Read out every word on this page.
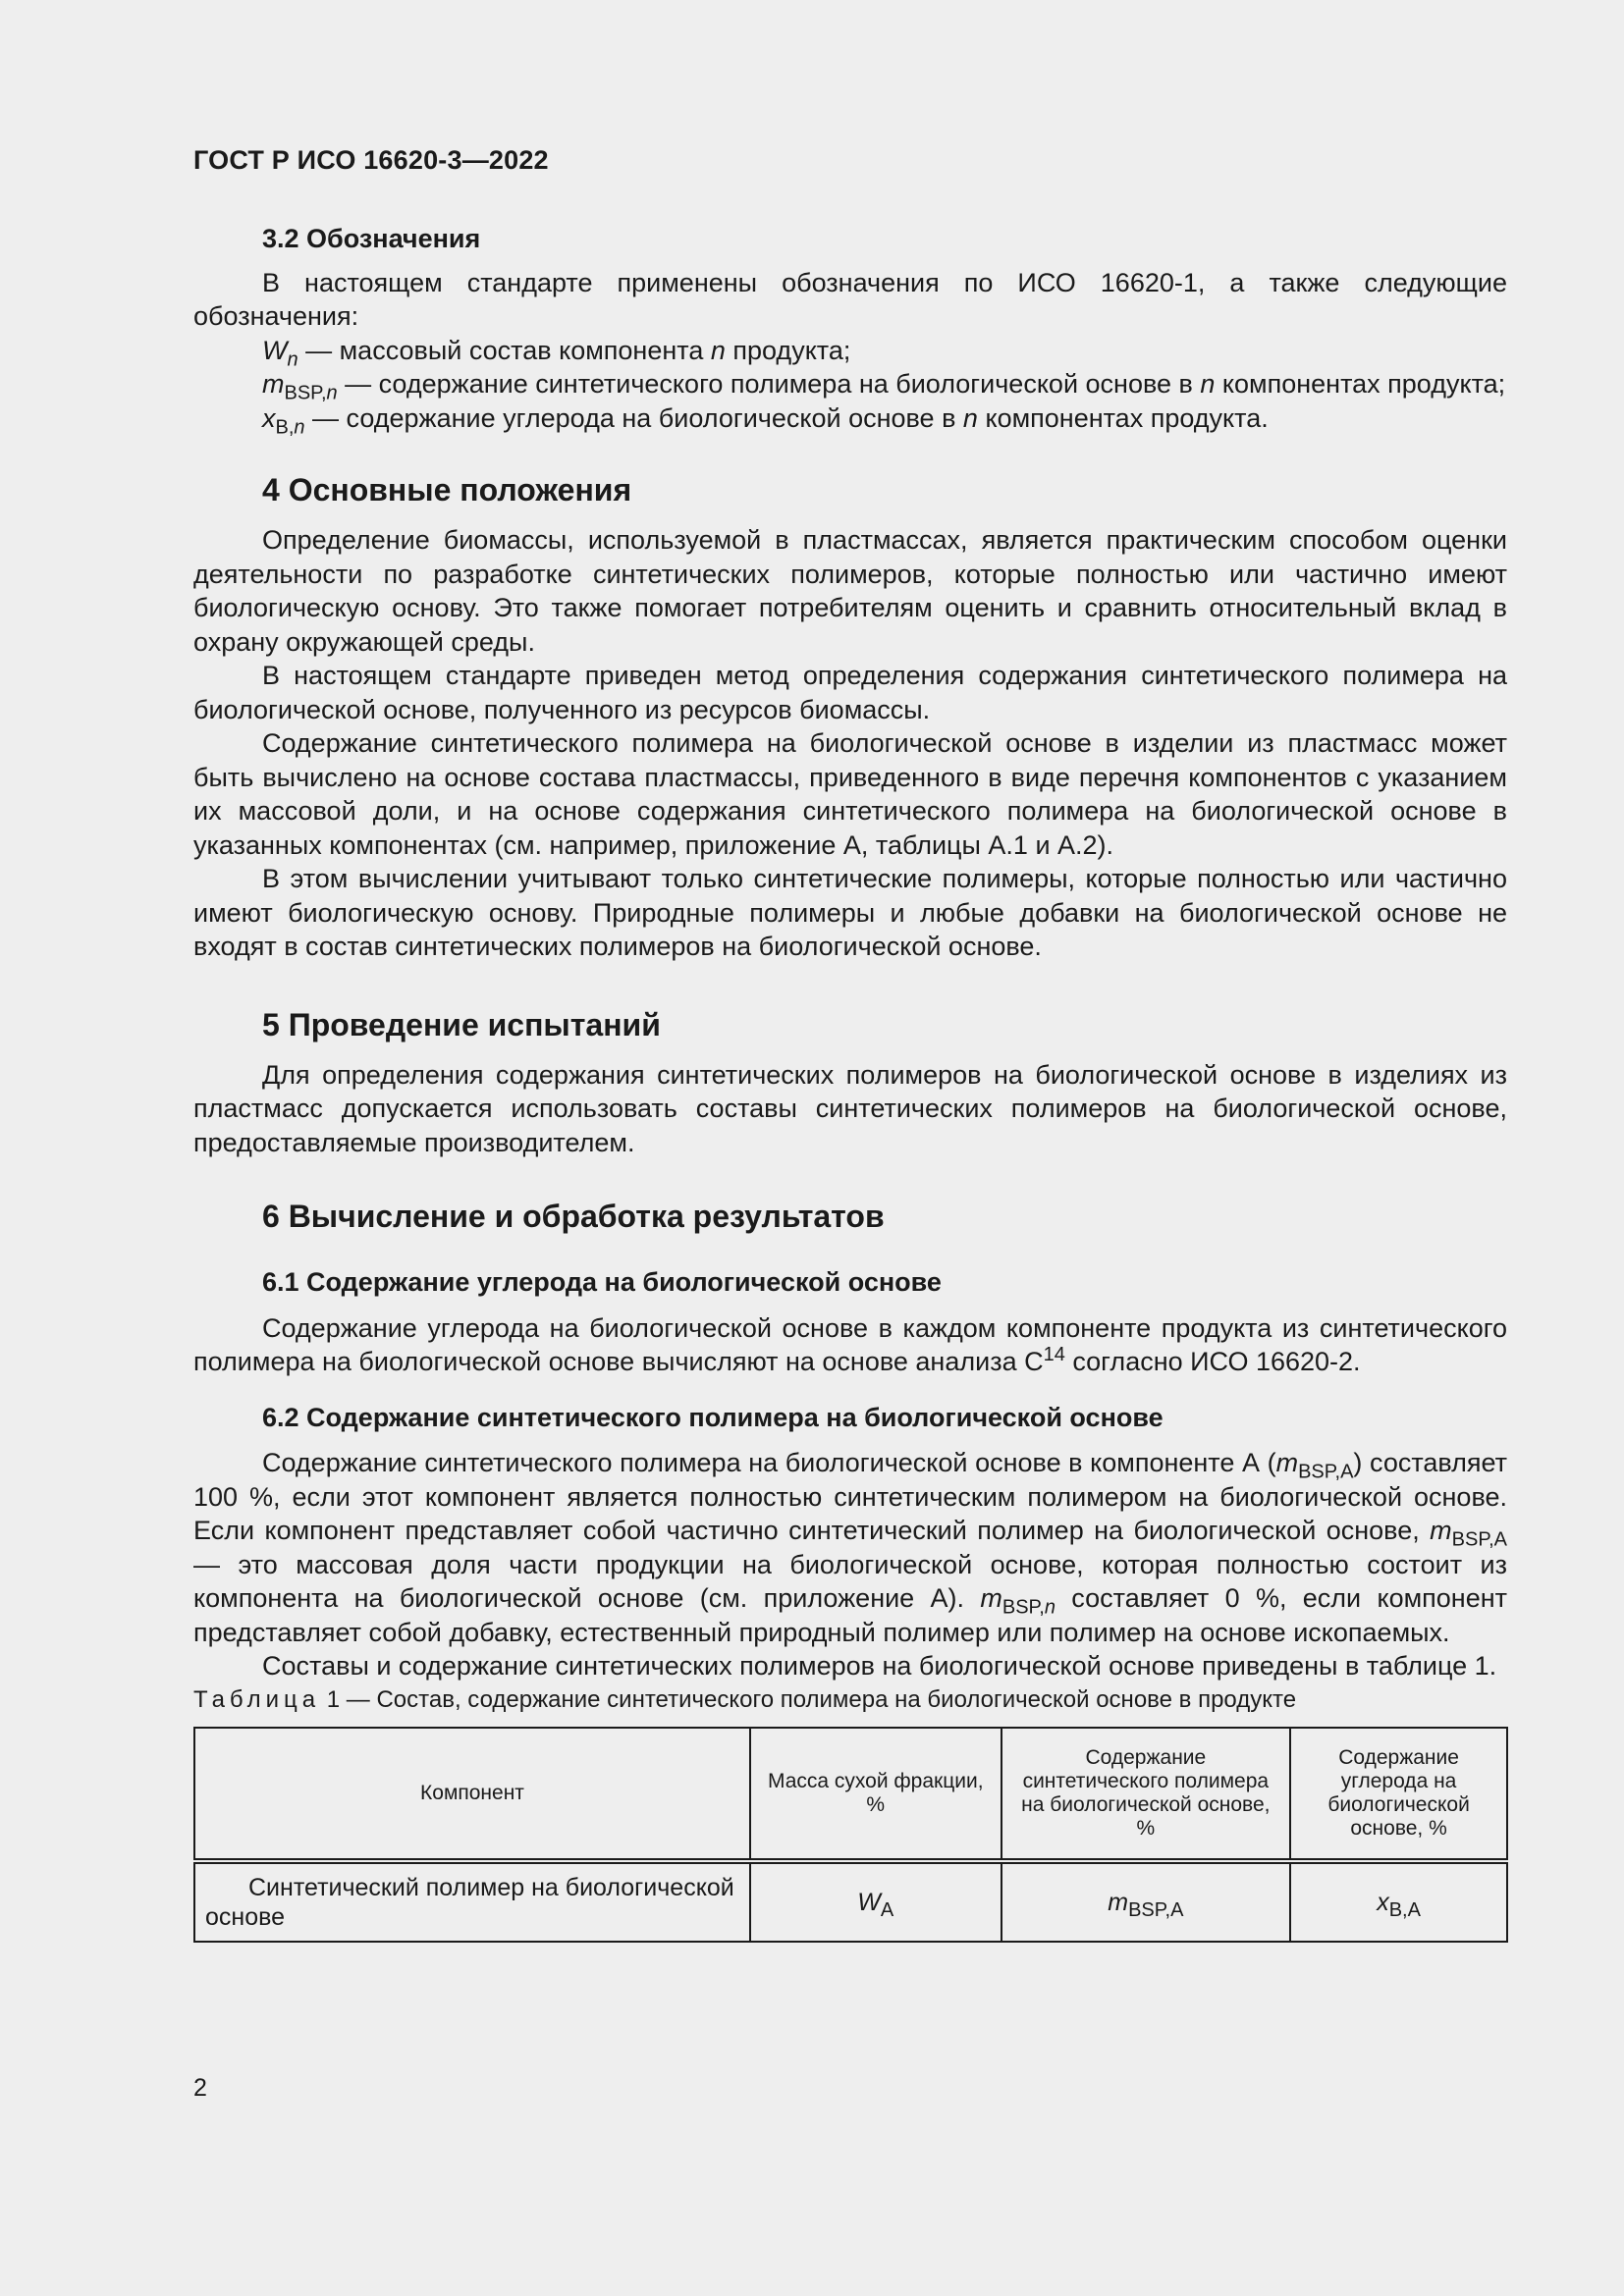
ГОСТ Р ИСО 16620-3—2022

3.2 Обозначения

В настоящем стандарте применены обозначения по ИСО 16620-1, а также следующие обозначения:

$W_n$ — массовый состав компонента n продукта;

$m_{BSP,n}$ — содержание синтетического полимера на биологической основе в n компонентах продукта;

$x_{B,n}$ — содержание углерода на биологической основе в n компонентах продукта.

4 Основные положения

Определение биомассы, используемой в пластмассах, является практическим способом оценки деятельности по разработке синтетических полимеров, которые полностью или частично имеют биологическую основу. Это также помогает потребителям оценить и сравнить относительный вклад в охрану окружающей среды.

В настоящем стандарте приведен метод определения содержания синтетического полимера на биологической основе, полученного из ресурсов биомассы.

Содержание синтетического полимера на биологической основе в изделии из пластмасс может быть вычислено на основе состава пластмассы, приведенного в виде перечня компонентов с указанием их массовой доли, и на основе содержания синтетического полимера на биологической основе в указанных компонентах (см. например, приложение А, таблицы А.1 и А.2).

В этом вычислении учитывают только синтетические полимеры, которые полностью или частично имеют биологическую основу. Природные полимеры и любые добавки на биологической основе не входят в состав синтетических полимеров на биологической основе.

5 Проведение испытаний

Для определения содержания синтетических полимеров на биологической основе в изделиях из пластмасс допускается использовать составы синтетических полимеров на биологической основе, предоставляемые производителем.

6 Вычисление и обработка результатов

6.1 Содержание углерода на биологической основе

Содержание углерода на биологической основе в каждом компоненте продукта из синтетического полимера на биологической основе вычисляют на основе анализа $С^{14}$ согласно ИСО 16620-2.

6.2 Содержание синтетического полимера на биологической основе

Содержание синтетического полимера на биологической основе в компоненте А $(m_{BSP,A})$ составляет 100 %, если этот компонент является полностью синтетическим полимером на биологической основе. Если компонент представляет собой частично синтетический полимер на биологической основе, $m_{BSP,A}$ — это массовая доля части продукции на биологической основе, которая полностью состоит из компонента на биологической основе (см. приложение А). $m_{BSP,n}$ составляет 0 %, если компонент представляет собой добавку, естественный природный полимер или полимер на основе ископаемых.

Составы и содержание синтетических полимеров на биологической основе приведены в таблице 1.

Таблица 1 — Состав, содержание синтетического полимера на биологической основе в продукте

Компонент	Масса сухой фракции, %	Содержание синтетического полимера на биологической основе, %	Содержание углерода на биологической основе, %
Синтетический полимер на биологической основе	$W_A$	$m_{BSP,A}$	$x_{B,A}$
2
